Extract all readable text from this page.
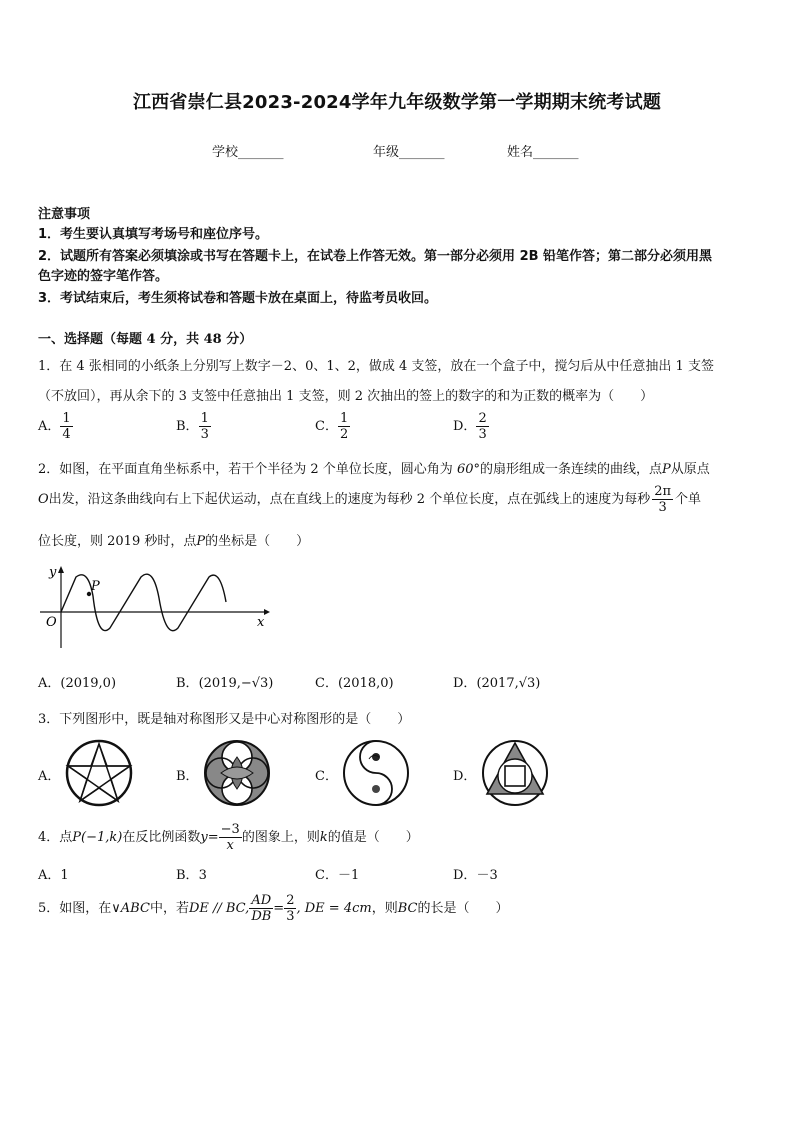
江西省崇仁县2023-2024学年九年级数学第一学期期末统考试题
学校_______	年级_______	姓名_______
注意事项
1．考生要认真填写考场号和座位序号。
2．试题所有答案必须填涂或书写在答题卡上，在试卷上作答无效。第一部分必须用 2B 铅笔作答；第二部分必须用黑
色字迹的签字笔作答。
3．考试结束后，考生须将试卷和答题卡放在桌面上，待监考员收回。
一、选择题（每题 4 分，共 48 分）
1．在 4 张相同的小纸条上分别写上数字－2、0、1、2，做成 4 支签，放在一个盒子中，搅匀后从中任意抽出 1 支签
（不放回），再从余下的 3 支签中任意抽出 1 支签，则 2 次抽出的签上的数字的和为正数的概率为（　　）
A． $\frac{1}{4}$	B． $\frac{1}{3}$	C． $\frac{1}{2}$	D． $\frac{2}{3}$
2．如图，在平面直角坐标系中，若干个半径为 2 个单位长度，圆心角为 60°的扇形组成一条连续的曲线，点P从原点
O出发，沿这条曲线向右上下起伏运动，点在直线上的速度为每秒 2 个单位长度，点在弧线上的速度为每秒 $\frac{2\pi}{3}$ 个单
位长度，则 2019 秒时，点P的坐标是（　　）
y
x
O
P
A．(2019,0)	B．(2019,−√3)	C．(2018,0)	D．(2017,√3)
3．下列图形中，既是轴对称图形又是中心对称图形的是（　　）
A．	B．	C．	D．
4．点P(−1,k)在反比例函数$y= \frac{-3}{x}$ 的图象上，则k的值是（　　）
A．1	B．3	C．－1	D．－3
5．如图，在∨ABC中，若DE // BC, $\frac{AD}{DB} = \frac{2}{3}$ , DE = 4cm，则BC的长是（　　）
